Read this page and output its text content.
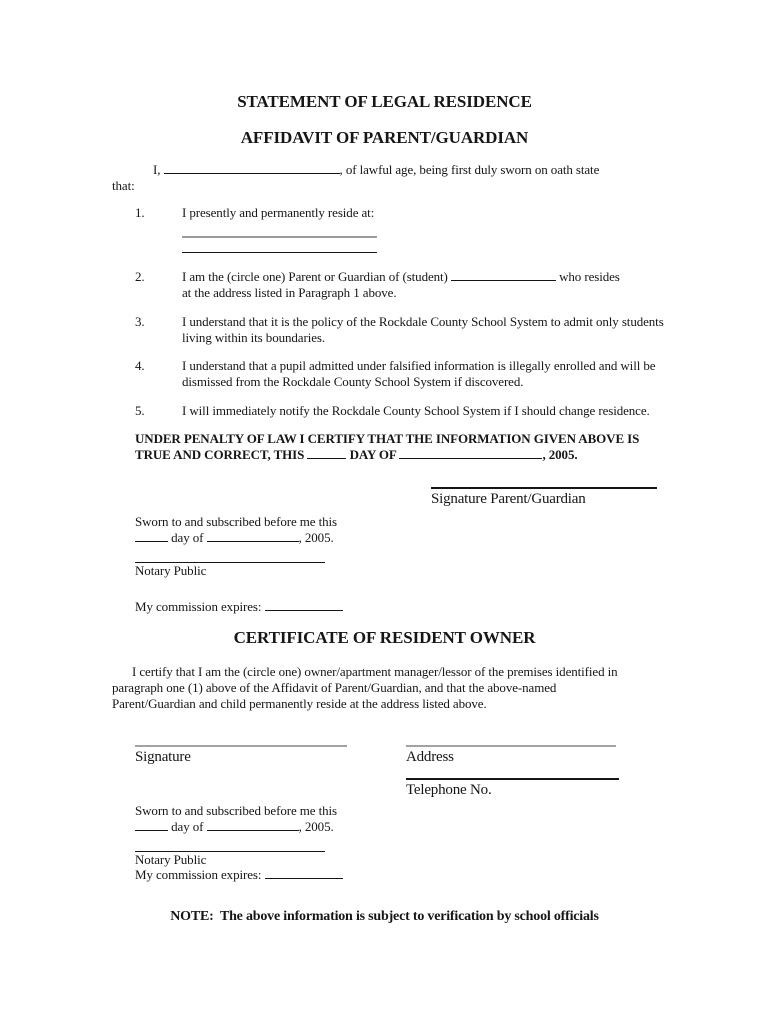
STATEMENT OF LEGAL RESIDENCE
AFFIDAVIT OF PARENT/GUARDIAN
I,	, of lawful age, being first duly sworn on oath state
that:
1.	I presently and permanently reside at:
2.	I am the (circle one) Parent or Guardian of (student)	who resides
at the address listed in Paragraph 1 above.
3.	I understand that it is the policy of the Rockdale County School System to admit only students
living within its boundaries.
4.	I understand that a pupil admitted under falsified information is illegally enrolled and will be
dismissed from the Rockdale County School System if discovered.
5.	I will immediately notify the Rockdale County School System if I should change residence.
UNDER PENALTY OF LAW I CERTIFY THAT THE INFORMATION GIVEN ABOVE IS
TRUE AND CORRECT, THIS	DAY OF	, 2005.
Signature Parent/Guardian
Sworn to and subscribed before me this
day of	, 2005.
Notary Public
My commission expires:
CERTIFICATE OF RESIDENT OWNER
I certify that I am the (circle one) owner/apartment manager/lessor of the premises identified in
paragraph one (1) above of the Affidavit of Parent/Guardian, and that the above-named
Parent/Guardian and child permanently reside at the address listed above.
Signature	Address
Telephone No.
Sworn to and subscribed before me this
day of	, 2005.
Notary Public
My commission expires:
NOTE:  The above information is subject to verification by school officials
